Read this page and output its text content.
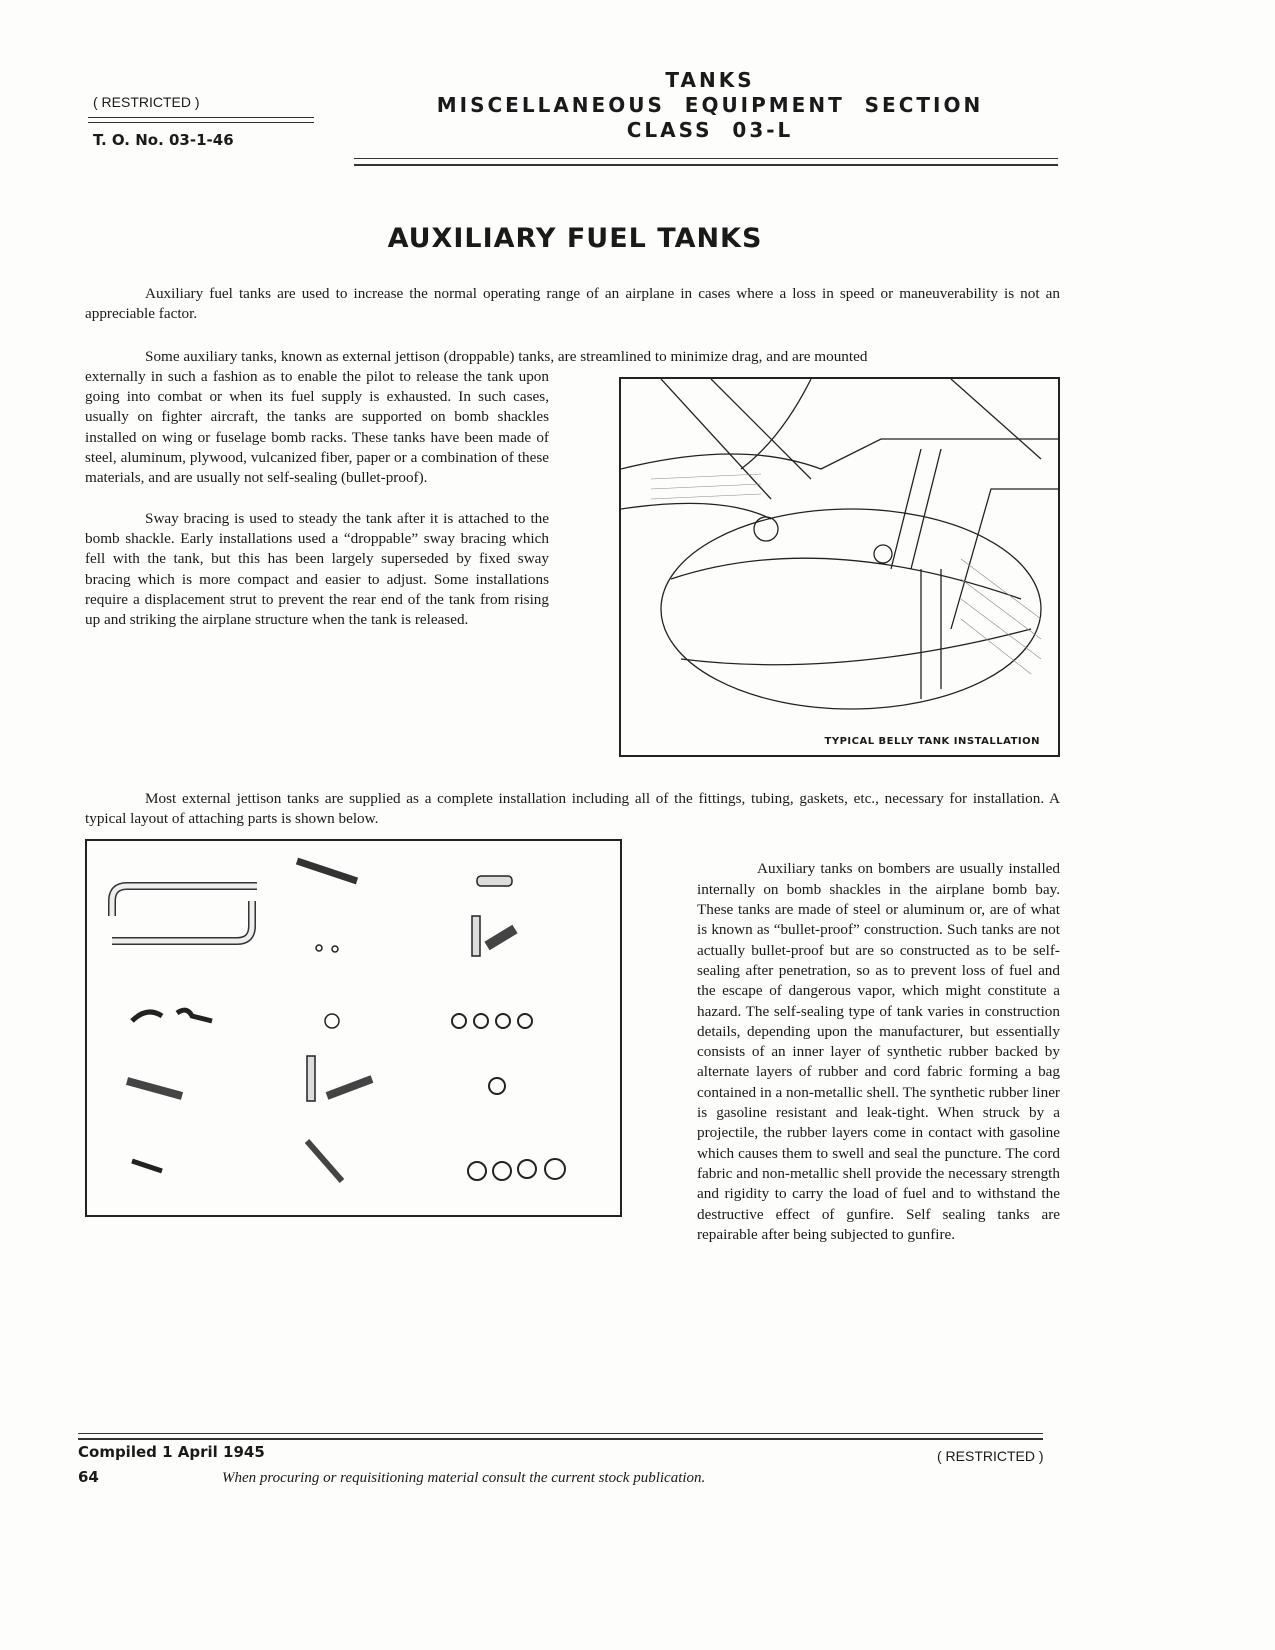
( RESTRICTED )
T. O. No. 03-1-46
TANKS
MISCELLANEOUS  EQUIPMENT  SECTION
CLASS  03-L
AUXILIARY FUEL TANKS

Auxiliary fuel tanks are used to increase the normal operating range of an airplane in cases where a loss in speed or maneuverability is not an appreciable factor.

Some auxiliary tanks, known as external jettison (droppable) tanks, are streamlined to minimize drag, and are mounted

TYPICAL BELLY TANK INSTALLATION

externally in such a fashion as to enable the pilot to release the tank upon going into combat or when its fuel supply is exhausted. In such cases, usually on fighter aircraft, the tanks are supported on bomb shackles installed on wing or fuselage bomb racks. These tanks have been made of steel, aluminum, plywood, vulcanized fiber, paper or a combination of these materials, and are usually not self-sealing (bullet-proof).

Sway bracing is used to steady the tank after it is attached to the bomb shackle. Early installations used a “droppable” sway bracing which fell with the tank, but this has been largely superseded by fixed sway bracing which is more compact and easier to adjust. Some installations require a displacement strut to prevent the rear end of the tank from rising up and striking the airplane structure when the tank is released.

Most external jettison tanks are supplied as a complete installation including all of the fittings, tubing, gaskets, etc., necessary for installation. A typical layout of attaching parts is shown below.

Auxiliary tanks on bombers are usually installed internally on bomb shackles in the airplane bomb bay. These tanks are made of steel or aluminum or, are of what is known as “bullet-proof” construction. Such tanks are not actually bullet-proof but are so constructed as to be self-sealing after penetration, so as to prevent loss of fuel and the escape of dangerous vapor, which might constitute a hazard. The self-sealing type of tank varies in construction details, depending upon the manufacturer, but essentially consists of an inner layer of synthetic rubber backed by alternate layers of rubber and cord fabric forming a bag contained in a non-metallic shell. The synthetic rubber liner is gasoline resistant and leak-tight. When struck by a projectile, the rubber layers come in contact with gasoline which causes them to swell and seal the puncture. The cord fabric and non-metallic shell provide the necessary strength and rigidity to carry the load of fuel and to withstand the destructive effect of gunfire. Self sealing tanks are repairable after being subjected to gunfire.

Compiled 1 April 1945	( RESTRICTED )
64	When procuring or requisitioning material consult the current stock publication.
